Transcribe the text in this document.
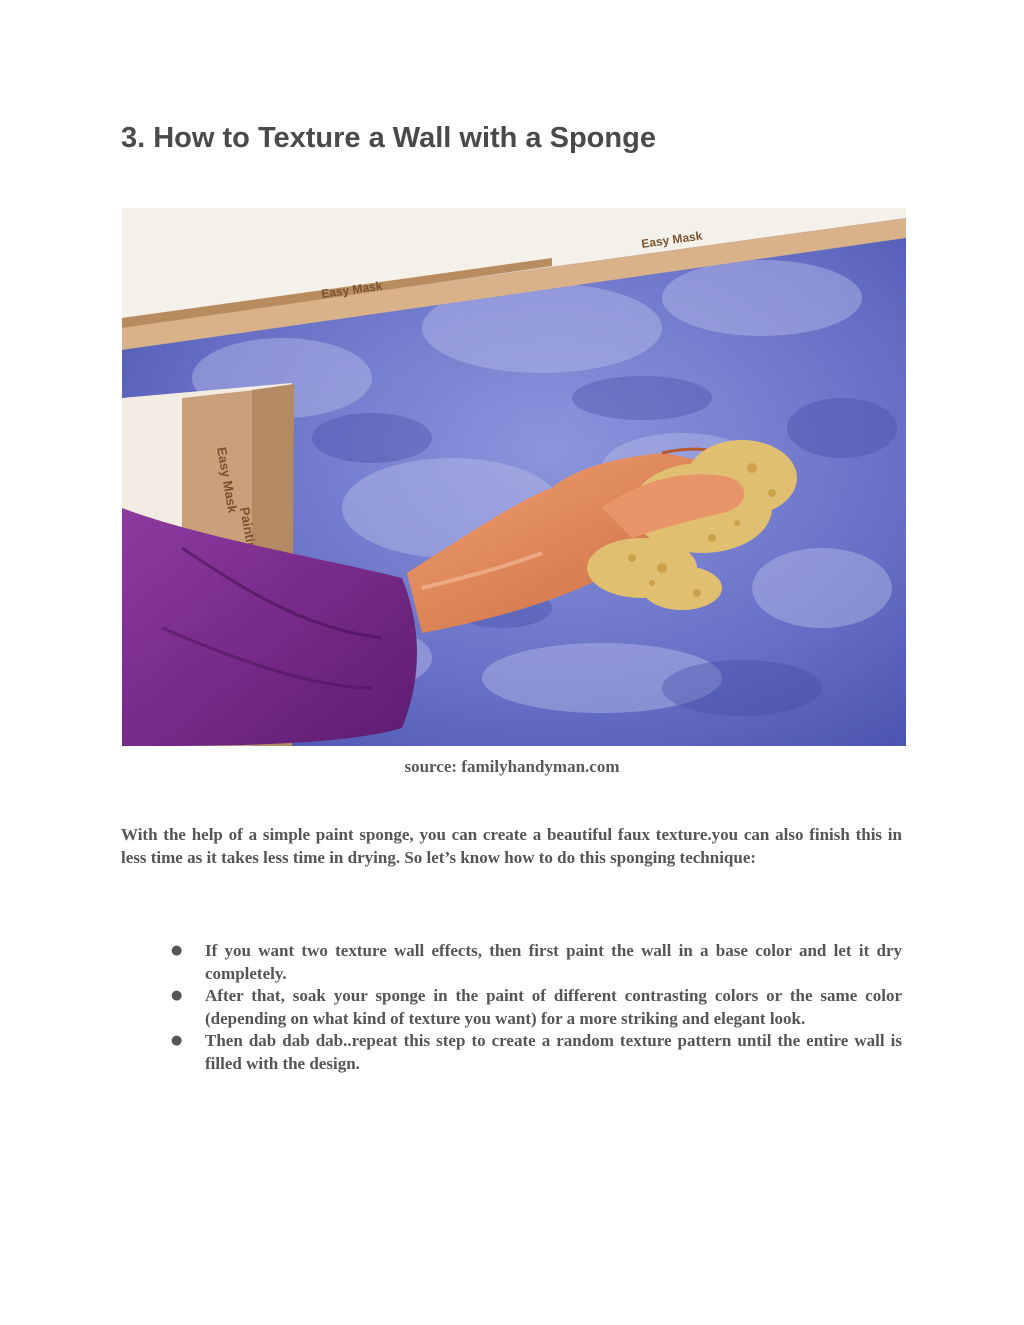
3. How to Texture a Wall with a Sponge
Easy Mask
Easy Mask
Easy Mask
source: familyhandyman.com

With the help of a simple paint sponge, you can create a beautiful faux texture.you can also finish this in less time as it takes less time in drying. So let’s know how to do this sponging technique:

● If you want two texture wall effects, then first paint the wall in a base color and let it dry completely.
● After that, soak your sponge in the paint of different contrasting colors or the same color (depending on what kind of texture you want) for a more striking and elegant look.
● Then dab dab dab..repeat this step to create a random texture pattern until the entire wall is filled with the design.
